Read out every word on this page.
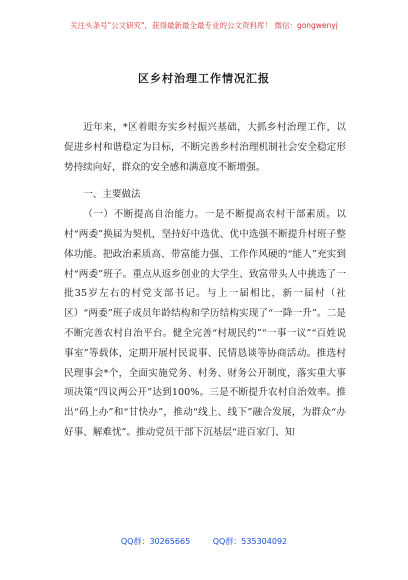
关注头条号"公文研究"，获得最新最全最专业的公文资料库！ 微信：gongwenyj
区乡村治理工作情况汇报

近年来，*区着眼夯实乡村振兴基础，大抓乡村治理工作，以促进乡村和谐稳定为目标，不断完善乡村治理机制社会安全稳定形势持续向好，群众的安全感和满意度不断增强。

一、主要做法

（一）不断提高自治能力。一是不断提高农村干部素质。以村“两委”换届为契机，坚持好中选优、优中选强不断提升村班子整体功能。把政治素质高、带富能力强、工作作风硬的“能人”充实到村“两委”班子。重点从返乡创业的大学生、致富带头人中挑选了一批35岁左右的村党支部书记。与上一届相比，新一届村（社区）“两委”班子成员年龄结构和学历结构实现了“一降一升”。二是不断完善农村自治平台。健全完善“村规民约”“一事一议”“百姓说事室”等载体，定期开展村民说事、民情恳谈等协商活动。推选村民理事会*个，全面实施党务、村务、财务公开制度，落实重大事项决策“四议两公开”达到100%。三是不断提升农村自治效率。推出“码上办”和“甘快办”，推动“线上、线下”融合发展，为群众“办好事、解难忧”。推动党员干部下沉基层“进百家门、知

QQ群：30265665	QQ群：535304092
